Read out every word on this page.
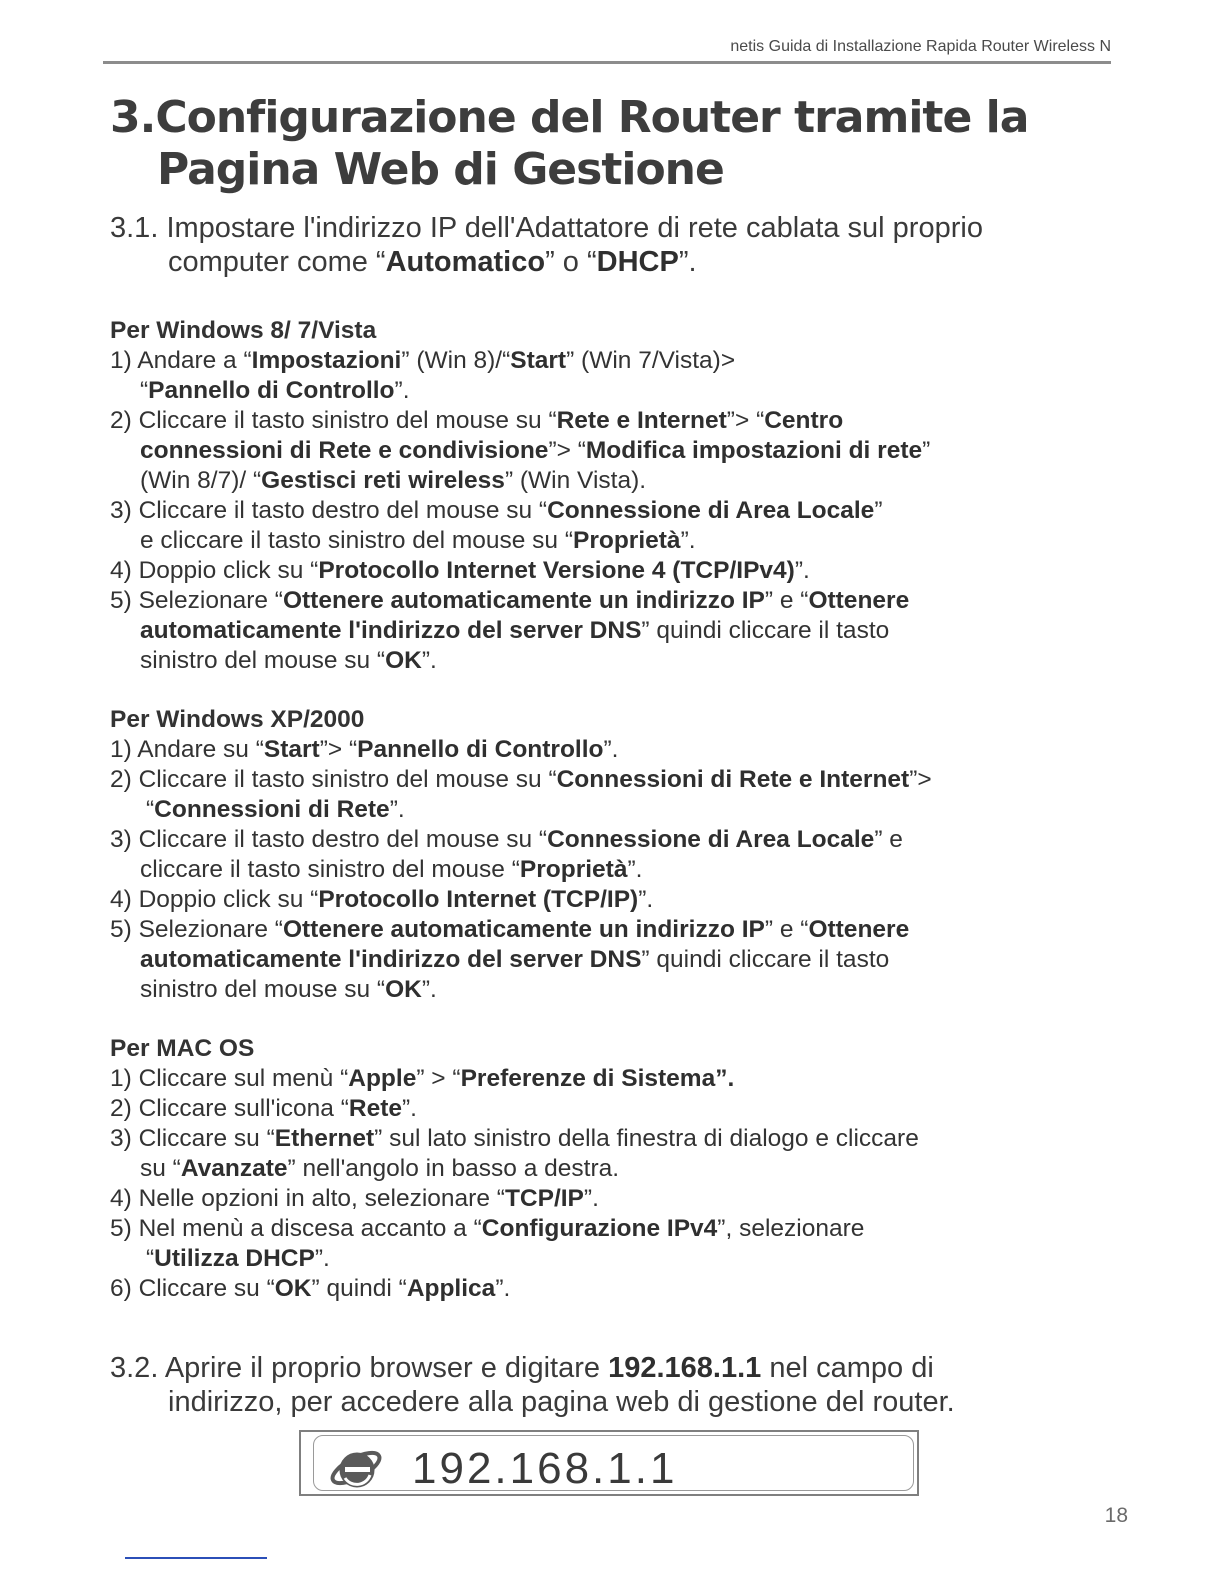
netis Guida di Installazione Rapida Router Wireless N
3.Configurazione del Router tramite la
Pagina Web di Gestione
3.1. Impostare l'indirizzo IP dell'Adattatore di rete cablata sul proprio
computer come “Automatico” o “DHCP”.

Per Windows 8/ 7/Vista

1) Andare a “Impostazioni” (Win 8)/“Start” (Win 7/Vista)>
“Pannello di Controllo”.

2) Cliccare il tasto sinistro del mouse su “Rete e Internet”> “Centro
connessioni di Rete e condivisione”> “Modifica impostazioni di rete”
(Win 8/7)/ “Gestisci reti wireless” (Win Vista).

3) Cliccare il tasto destro del mouse su “Connessione di Area Locale”
e cliccare il tasto sinistro del mouse su “Proprietà”.

4) Doppio click su “Protocollo Internet Versione 4 (TCP/IPv4)”.

5) Selezionare “Ottenere automaticamente un indirizzo IP” e “Ottenere
automaticamente l'indirizzo del server DNS” quindi cliccare il tasto
sinistro del mouse su “OK”.

Per Windows XP/2000

1) Andare su “Start”> “Pannello di Controllo”.

2) Cliccare il tasto sinistro del mouse su “Connessioni di Rete e Internet”>
“Connessioni di Rete”.

3) Cliccare il tasto destro del mouse su “Connessione di Area Locale” e
cliccare il tasto sinistro del mouse “Proprietà”.

4) Doppio click su “Protocollo Internet (TCP/IP)”.

5) Selezionare “Ottenere automaticamente un indirizzo IP” e “Ottenere
automaticamente l'indirizzo del server DNS” quindi cliccare il tasto
sinistro del mouse su “OK”.

Per MAC OS

1) Cliccare sul menù “Apple” > “Preferenze di Sistema”.

2) Cliccare sull'icona “Rete”.

3) Cliccare su “Ethernet” sul lato sinistro della finestra di dialogo e cliccare
su “Avanzate” nell'angolo in basso a destra.

4) Nelle opzioni in alto, selezionare “TCP/IP”.

5) Nel menù a discesa accanto a “Configurazione IPv4”, selezionare
“Utilizza DHCP”.

6) Cliccare su “OK” quindi “Applica”.

3.2. Aprire il proprio browser e digitare 192.168.1.1 nel campo di
indirizzo, per accedere alla pagina web di gestione del router.
192.168.1.1
18
